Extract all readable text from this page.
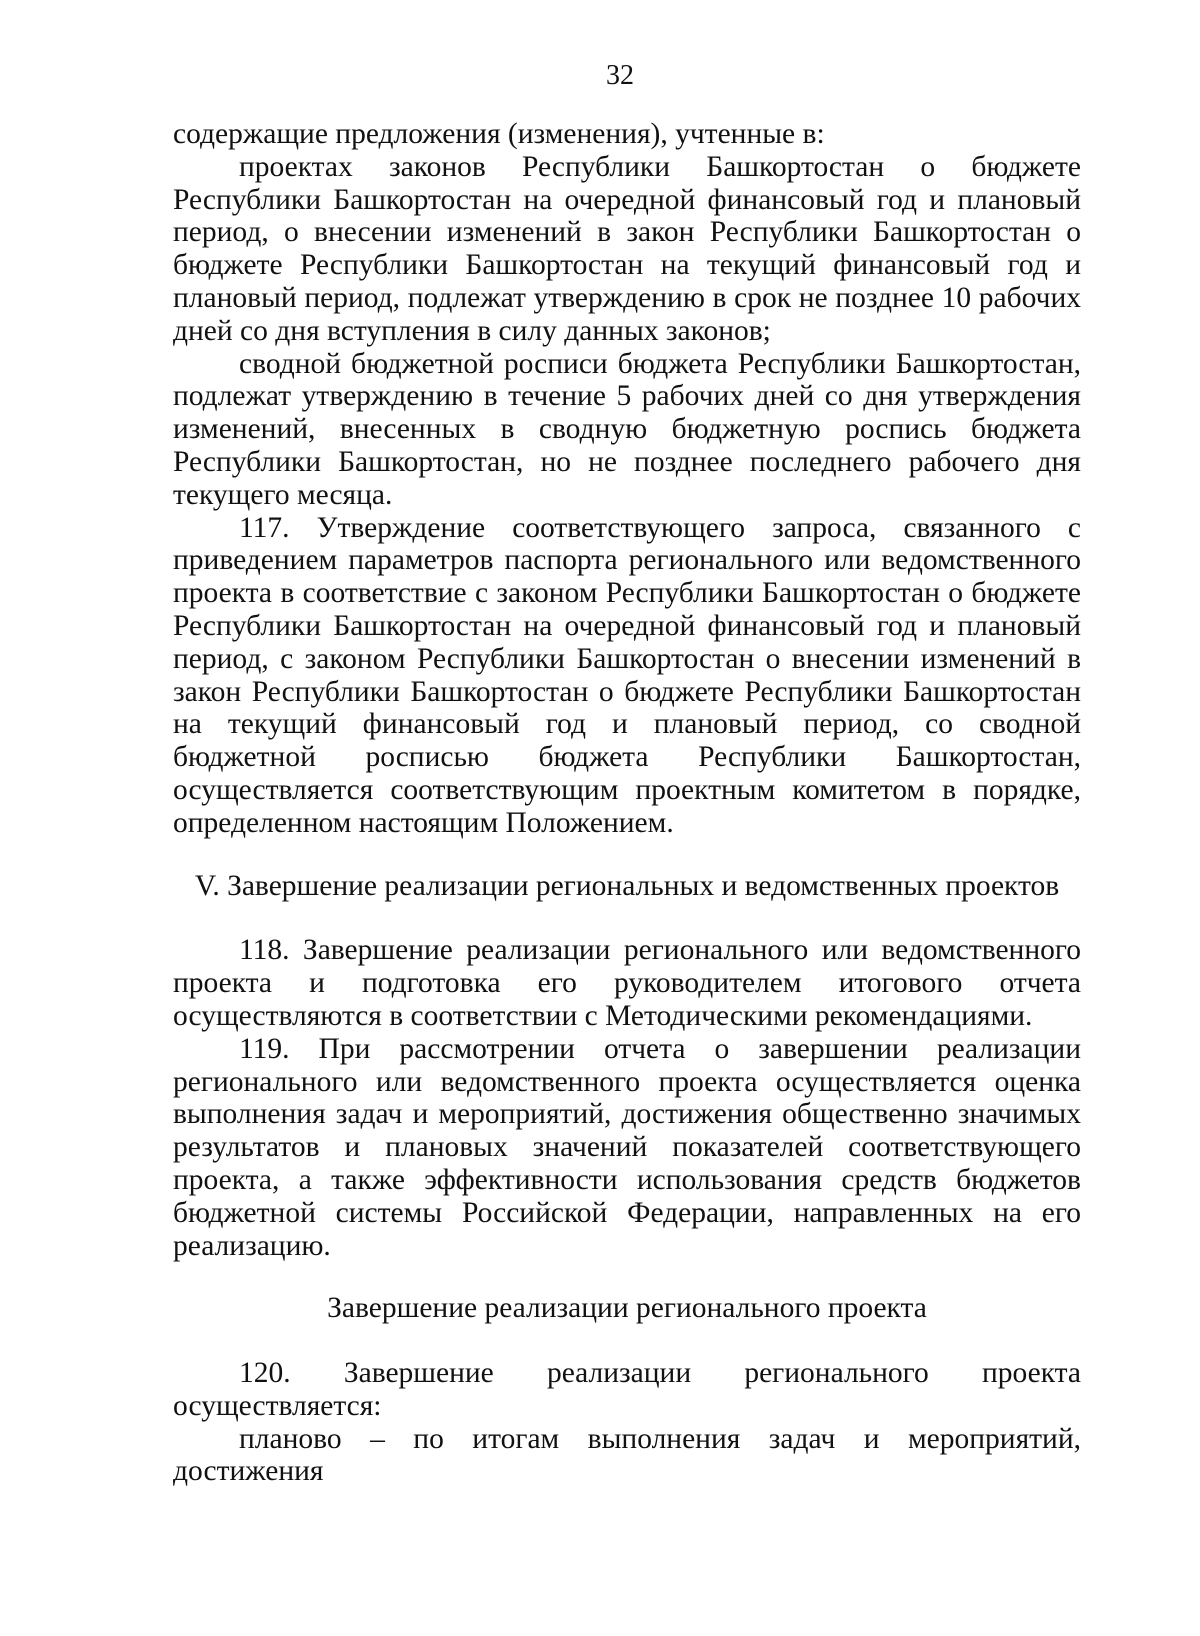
32

содержащие предложения (изменения), учтенные в:

проектах законов Республики Башкортостан о бюджете Республики Башкортостан на очередной финансовый год и плановый период, о внесении изменений в закон Республики Башкортостан о бюджете Республики Башкортостан на текущий финансовый год и плановый период, подлежат утверждению в срок не позднее 10 рабочих дней со дня вступления в силу данных законов;

сводной бюджетной росписи бюджета Республики Башкортостан, подлежат утверждению в течение 5 рабочих дней со дня утверждения изменений, внесенных в сводную бюджетную роспись бюджета Республики Башкортостан, но не позднее последнего рабочего дня текущего месяца.

117. Утверждение соответствующего запроса, связанного с приведением параметров паспорта регионального или ведомственного проекта в соответствие с законом Республики Башкортостан о бюджете Республики Башкортостан на очередной финансовый год и плановый период, с законом Республики Башкортостан о внесении изменений в закон Республики Башкортостан о бюджете Республики Башкортостан на текущий финансовый год и плановый период, со сводной бюджетной росписью бюджета Республики Башкортостан, осуществляется соответствующим проектным комитетом в порядке, определенном настоящим Положением.

V. Завершение реализации региональных и ведомственных проектов

118. Завершение реализации регионального или ведомственного проекта и подготовка его руководителем итогового отчета осуществляются в соответствии с Методическими рекомендациями.

119. При рассмотрении отчета о завершении реализации регионального или ведомственного проекта осуществляется оценка выполнения задач и мероприятий, достижения общественно значимых результатов и плановых значений показателей соответствующего проекта, а также эффективности использования средств бюджетов бюджетной системы Российской Федерации, направленных на его реализацию.

Завершение реализации регионального проекта

120. Завершение реализации регионального проекта осуществляется:

планово – по итогам выполнения задач и мероприятий, достижения
